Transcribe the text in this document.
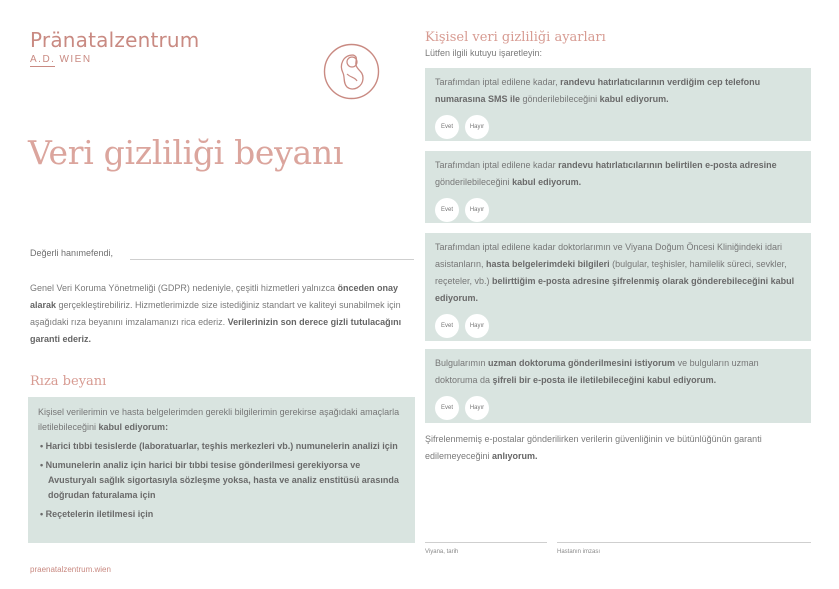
Pränatalzentrum
A.D. WIEN
Veri gizliliği beyanı
Değerli hanımefendi,
Genel Veri Koruma Yönetmeliği (GDPR) nedeniyle, çeşitli hizmetleri yalnızca önceden onay alarak gerçekleştirebiliriz. Hizmetlerimizde size istediğiniz standart ve kaliteyi sunabilmek için aşağıdaki rıza beyanını imzalamanızı rica ederiz. Verilerinizin son derece gizli tutulacağını garanti ederiz.
Rıza beyanı
Kişisel verilerimin ve hasta belgelerimden gerekli bilgilerimin gerekirse aşağıdaki amaçlarla iletilebileceğini kabul ediyorum:
• Harici tıbbi tesislerde (laboratuarlar, teşhis merkezleri vb.) numunelerin analizi için
• Numunelerin analiz için harici bir tıbbi tesise gönderilmesi gerekiyorsa ve Avusturyalı sağlık sigortasıyla sözleşme yoksa, hasta ve analiz enstitüsü arasında doğrudan faturalama için
• Reçetelerin iletilmesi için
Kişisel veri gizliliği ayarları
Lütfen ilgili kutuyu işaretleyin:
Tarafımdan iptal edilene kadar, randevu hatırlatıcılarının verdiğim cep telefonu numarasına SMS ile gönderilebileceğini kabul ediyorum.
Evet	Hayır
Tarafımdan iptal edilene kadar randevu hatırlatıcılarının belirtilen e-posta adresine gönderilebileceğini kabul ediyorum.
Evet	Hayır
Tarafımdan iptal edilene kadar doktorlarımın ve Viyana Doğum Öncesi Kliniğindeki idari asistanların, hasta belgelerimdeki bilgileri (bulgular, teşhisler, hamilelik süreci, sevkler, reçeteler, vb.) belirttiğim e-posta adresine şifrelenmiş olarak gönderebileceğini kabul ediyorum.
Evet	Hayır
Bulgularımın uzman doktoruma gönderilmesini istiyorum ve bulguların uzman doktoruma da şifreli bir e-posta ile iletilebileceğini kabul ediyorum.
Evet	Hayır
Şifrelenmemiş e-postalar gönderilirken verilerin güvenliğinin ve bütünlüğünün garanti edilemeyeceğini anlıyorum.
Viyana, tarih	Hastanın imzası
praenatalzentrum.wien
